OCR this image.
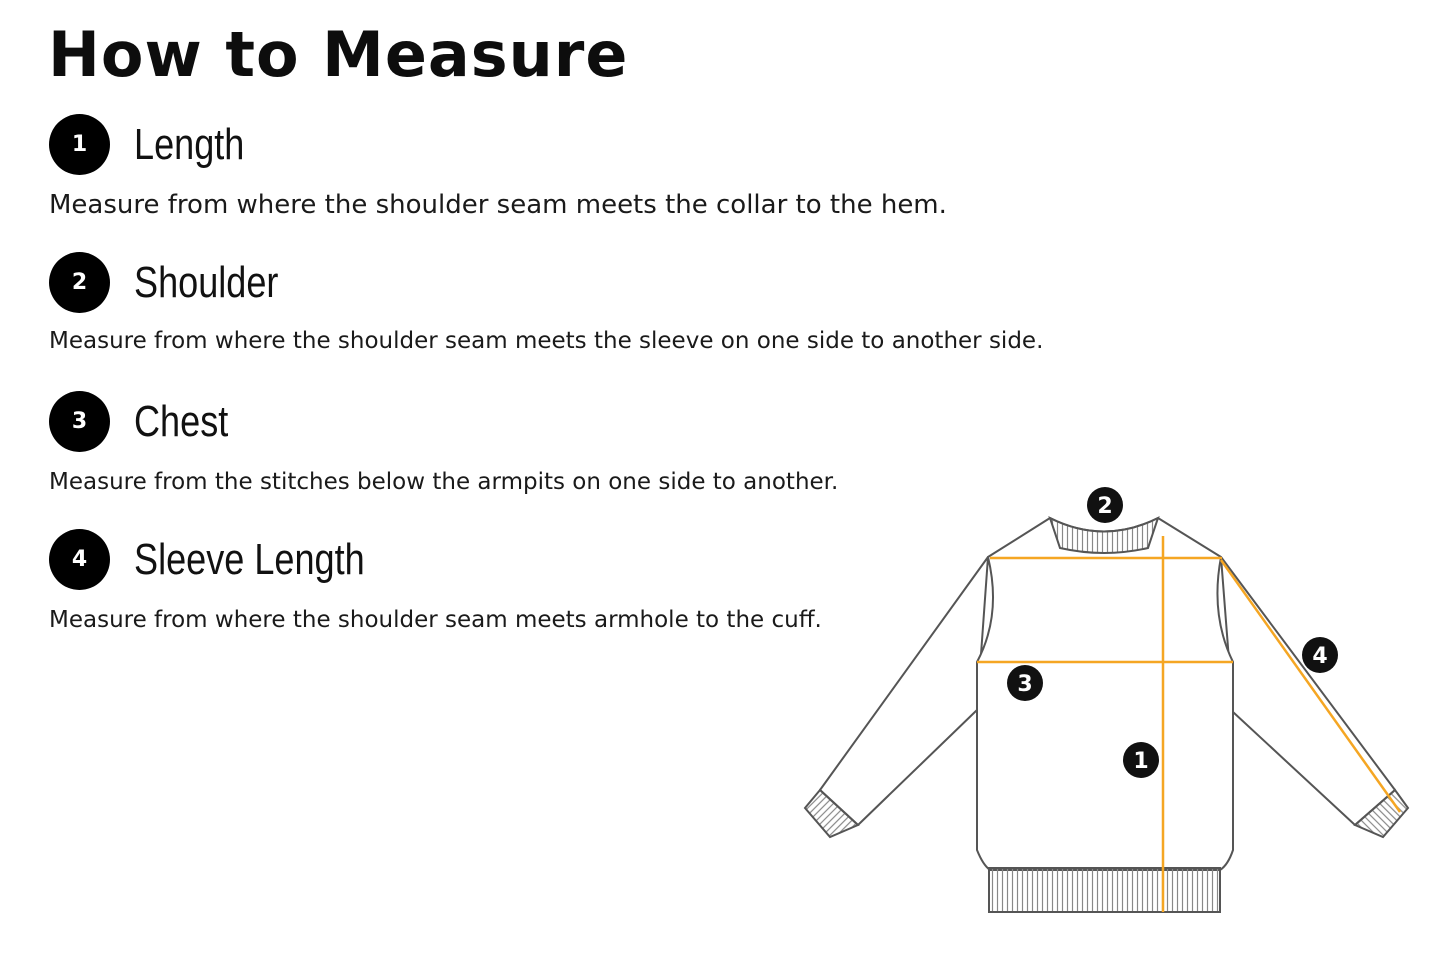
How to Measure
1	Length

Measure from where the shoulder seam meets the collar to the hem.

2	Shoulder

Measure from where the shoulder seam meets the sleeve on one side to another side.

3	Chest

Measure from the stitches below the armpits on one side to another.

4	Sleeve Length

Measure from where the shoulder seam meets armhole to the cuff.

1
2
3
4
